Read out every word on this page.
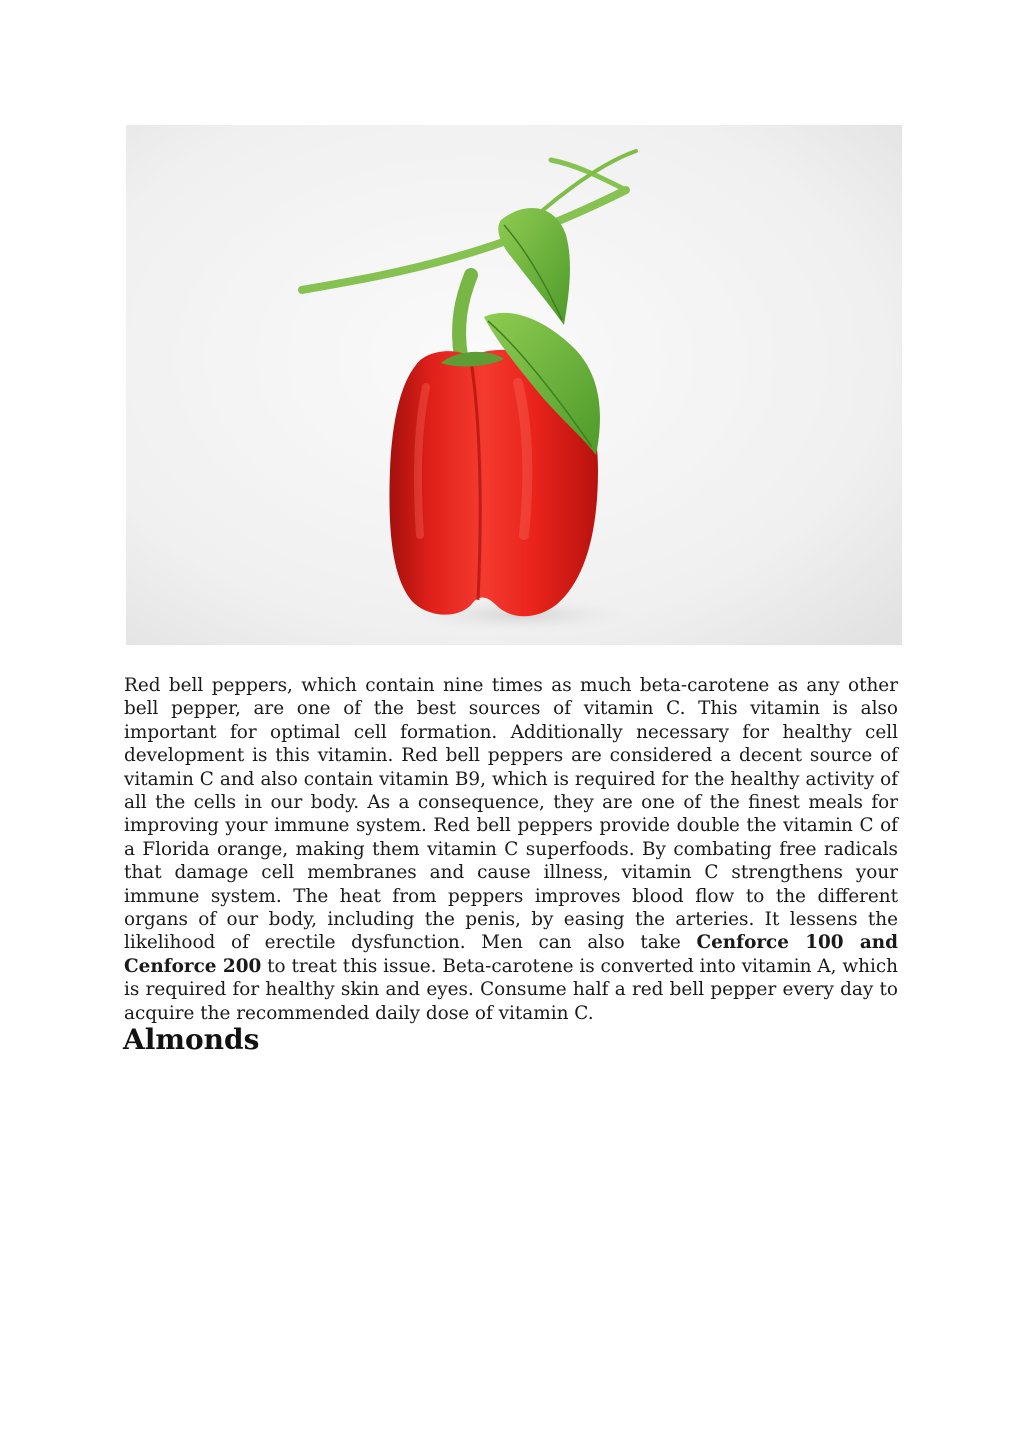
Red bell peppers, which contain nine times as much beta-carotene as any other bell pepper, are one of the best sources of vitamin C. This vitamin is also important for optimal cell formation. Additionally necessary for healthy cell development is this vitamin. Red bell peppers are considered a decent source of vitamin C and also contain vitamin B9, which is required for the healthy activity of all the cells in our body. As a consequence, they are one of the finest meals for improving your immune system. Red bell peppers provide double the vitamin C of a Florida orange, making them vitamin C superfoods. By combating free radicals that damage cell membranes and cause illness, vitamin C strengthens your immune system. The heat from peppers improves blood flow to the different organs of our body, including the penis, by easing the arteries. It lessens the likelihood of erectile dysfunction. Men can also take Cenforce 100 and Cenforce 200 to treat this issue. Beta-carotene is converted into vitamin A, which is required for healthy skin and eyes. Consume half a red bell pepper every day to acquire the recommended daily dose of vitamin C.

Almonds
